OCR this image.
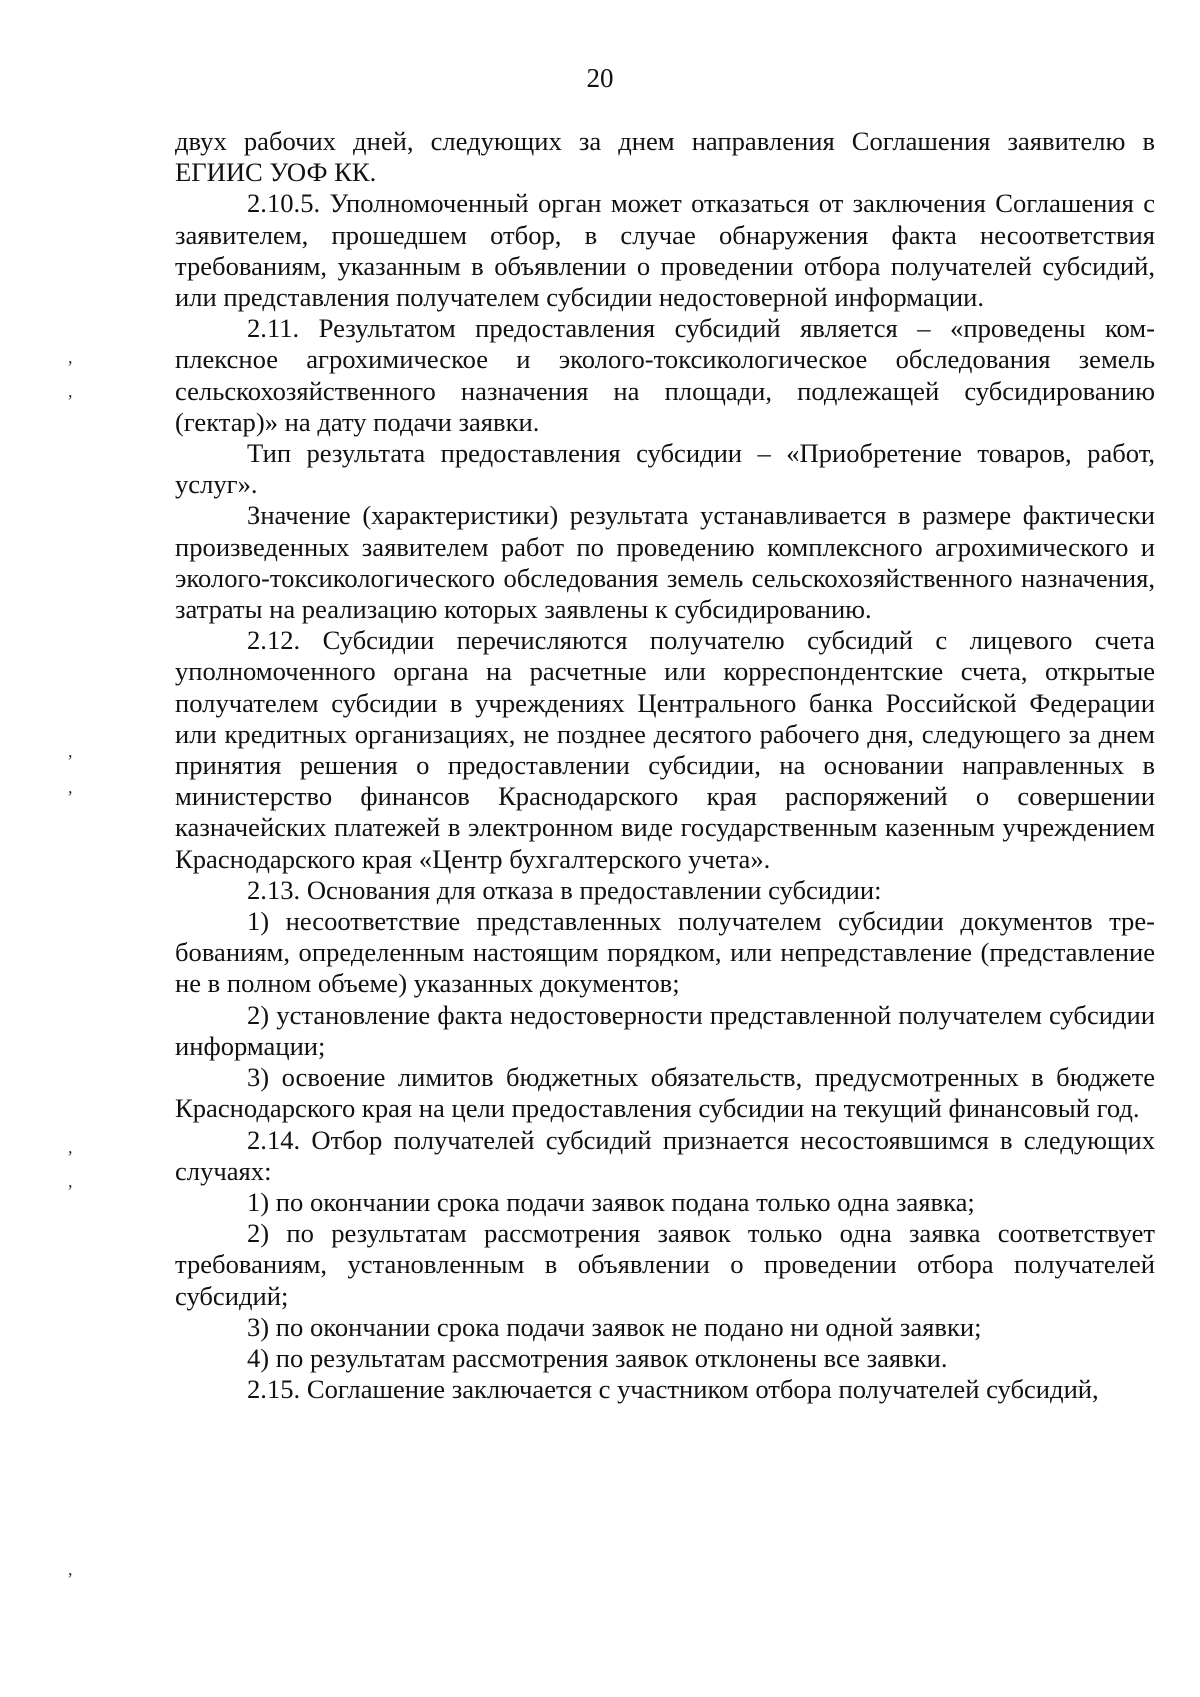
20

двух рабочих дней, следующих за днем направления Соглашения заявителю в ЕГИИС УОФ КК.

2.10.5. Уполномоченный орган может отказаться от заключения Соглашения с заявителем, прошедшем отбор, в случае обнаружения факта несоответствия требованиям, указанным в объявлении о проведении отбора получателей субсидий, или представления получателем субсидии недостоверной информации.

2.11. Результатом предоставления субсидий является – «проведены комплексное агрохимическое и эколого-токсикологическое обследования земель сельскохозяйственного назначения на площади, подлежащей субсидированию (гектар)» на дату подачи заявки.

Тип результата предоставления субсидии – «Приобретение товаров, работ, услуг».

Значение (характеристики) результата устанавливается в размере фактически произведенных заявителем работ по проведению комплексного агрохимического и эколого-токсикологического обследования земель сельскохозяйственного назначения, затраты на реализацию которых заявлены к субсидированию.

2.12. Субсидии перечисляются получателю субсидий с лицевого счета уполномоченного органа на расчетные или корреспондентские счета, открытые получателем субсидии в учреждениях Центрального банка Российской Федерации или кредитных организациях, не позднее десятого рабочего дня, следующего за днем принятия решения о предоставлении субсидии, на основании направленных в министерство финансов Краснодарского края распоряжений о совершении казначейских платежей в электронном виде государственным казенным учреждением Краснодарского края «Центр бухгалтерского учета».

2.13. Основания для отказа в предоставлении субсидии:

1) несоответствие представленных получателем субсидии документов требованиям, определенным настоящим порядком, или непредставление (представление не в полном объеме) указанных документов;

2) установление факта недостоверности представленной получателем субсидии информации;

3) освоение лимитов бюджетных обязательств, предусмотренных в бюджете Краснодарского края на цели предоставления субсидии на текущий финансовый год.

2.14. Отбор получателей субсидий признается несостоявшимся в следующих случаях:

1) по окончании срока подачи заявок подана только одна заявка;

2) по результатам рассмотрения заявок только одна заявка соответствует требованиям, установленным в объявлении о проведении отбора получателей субсидий;

3) по окончании срока подачи заявок не подано ни одной заявки;

4) по результатам рассмотрения заявок отклонены все заявки.

2.15. Соглашение заключается с участником отбора получателей субсидий,

,
,
,
,
,
,
,
